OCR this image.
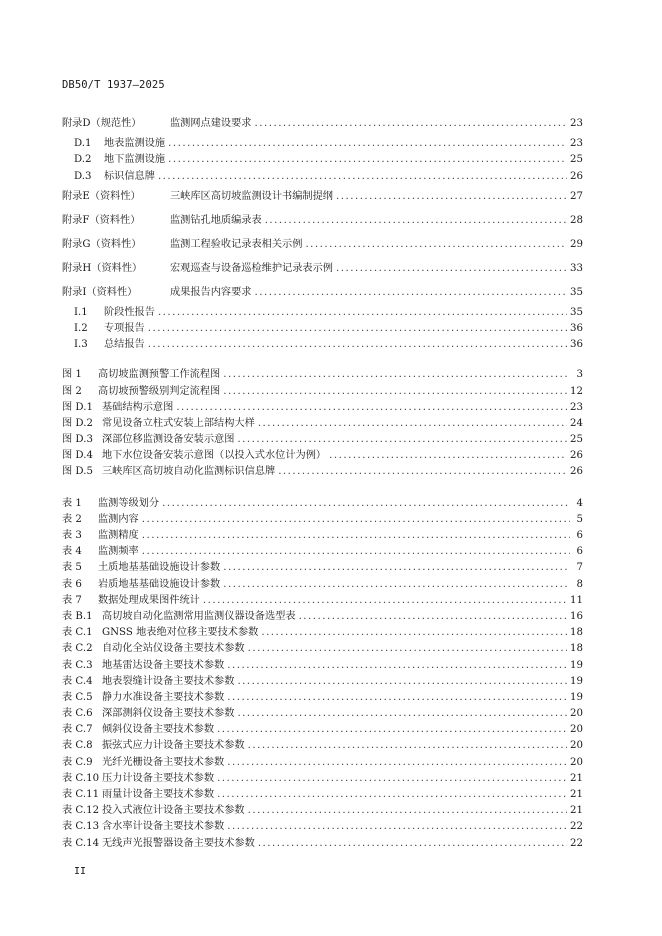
DB50/T 1937—2025
附录D（规范性）	监测网点建设要求 .....	23
D.1 地表监测设施 .....	23
D.2 地下监测设施 .....	25
D.3 标识信息牌 .....	26
附录E（资料性）	三峡库区高切坡监测设计书编制提纲 .....	27
附录F（资料性）	监测钻孔地质编录表 .....	28
附录G（资料性）	监测工程验收记录表相关示例 .....	29
附录H（资料性）	宏观巡查与设备巡检维护记录表示例 .....	33
附录I（资料性）	成果报告内容要求 .....	35
I.1 阶段性报告 .....	35
I.2 专项报告 .....	36
I.3 总结报告 .....	36
图 1 高切坡监测预警工作流程图 .....	3
图 2 高切坡预警级别判定流程图 .....	12
图 D.1 基础结构示意图 .....	23
图 D.2 常见设备立柱式安装上部结构大样 .....	24
图 D.3 深部位移监测设备安装示意图 .....	25
图 D.4 地下水位设备安装示意图（以投入式水位计为例） .....	26
图 D.5 三峡库区高切坡自动化监测标识信息牌 .....	26
表 1 监测等级划分 .....	4
表 2 监测内容 .....	5
表 3 监测精度 .....	6
表 4 监测频率 .....	6
表 5 土质地基基础设施设计参数 .....	7
表 6 岩质地基基础设施设计参数 .....	8
表 7 数据处理成果图件统计 .....	11
表 B.1 高切坡自动化监测常用监测仪器设备选型表 .....	16
表 C.1 GNSS 地表绝对位移主要技术参数 .....	18
表 C.2 自动化全站仪设备主要技术参数 .....	18
表 C.3 地基雷达设备主要技术参数 .....	19
表 C.4 地表裂缝计设备主要技术参数 .....	19
表 C.5 静力水准设备主要技术参数 .....	19
表 C.6 深部测斜仪设备主要技术参数 .....	20
表 C.7 倾斜仪设备主要技术参数 .....	20
表 C.8 振弦式应力计设备主要技术参数 .....	20
表 C.9 光纤光栅设备主要技术参数 .....	20
表 C.10 压力计设备主要技术参数 .....	21
表 C.11 雨量计设备主要技术参数 .....	21
表 C.12 投入式液位计设备主要技术参数 .....	21
表 C.13 含水率计设备主要技术参数 .....	22
表 C.14 无线声光报警器设备主要技术参数 .....	22
II
